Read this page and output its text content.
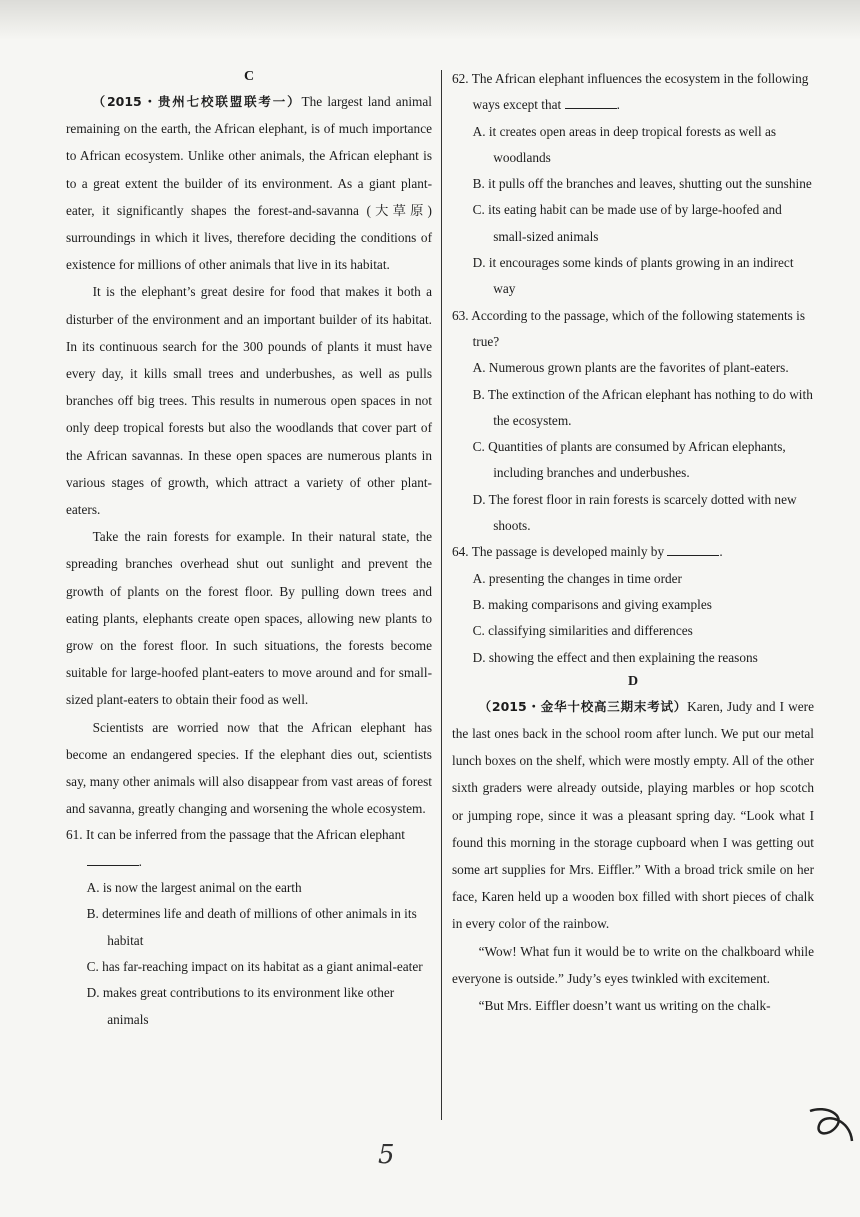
C

（2015・贵州七校联盟联考一）The largest land animal remaining on the earth, the African elephant, is of much importance to African ecosystem. Unlike other animals, the African elephant is to a great extent the builder of its environment. As a giant plant-eater, it significantly shapes the forest-and-savanna (大草原) surroundings in which it lives, therefore deciding the conditions of existence for millions of other animals that live in its habitat.

It is the elephant’s great desire for food that makes it both a disturber of the environment and an important builder of its habitat. In its continuous search for the 300 pounds of plants it must have every day, it kills small trees and underbushes, as well as pulls branches off big trees. This results in numerous open spaces in not only deep tropical forests but also the woodlands that cover part of the African savannas. In these open spaces are numerous plants in various stages of growth, which attract a variety of other plant-eaters.

Take the rain forests for example. In their natural state, the spreading branches overhead shut out sunlight and prevent the growth of plants on the forest floor. By pulling down trees and eating plants, elephants create open spaces, allowing new plants to grow on the forest floor. In such situations, the forests become suitable for large-hoofed plant-eaters to move around and for small-sized plant-eaters to obtain their food as well.

Scientists are worried now that the African elephant has become an endangered species. If the elephant dies out, scientists say, many other animals will also disappear from vast areas of forest and savanna, greatly changing and worsening the whole ecosystem.

61. It can be inferred from the passage that the African elephant .
A. is now the largest animal on the earth
B. determines life and death of millions of other animals in its habitat
C. has far-reaching impact on its habitat as a giant animal-eater
D. makes great contributions to its environment like other animals
62. The African elephant influences the ecosystem in the following ways except that	.
A. it creates open areas in deep tropical forests as well as woodlands
B. it pulls off the branches and leaves, shutting out the sunshine
C. its eating habit can be made use of by large-hoofed and small-sized animals
D. it encourages some kinds of plants growing in an indirect way
63. According to the passage, which of the following statements is true?
A. Numerous grown plants are the favorites of plant-eaters.
B. The extinction of the African elephant has nothing to do with the ecosystem.
C. Quantities of plants are consumed by African elephants, including branches and underbushes.
D. The forest floor in rain forests is scarcely dotted with new shoots.
64. The passage is developed mainly by	.
A. presenting the changes in time order
B. making comparisons and giving examples
C. classifying similarities and differences
D. showing the effect and then explaining the reasons
D

（2015・金华十校高三期末考试）Karen, Judy and I were the last ones back in the school room after lunch. We put our metal lunch boxes on the shelf, which were mostly empty. All of the other sixth graders were already outside, playing marbles or hop scotch or jumping rope, since it was a pleasant spring day. “Look what I found this morning in the storage cupboard when I was getting out some art supplies for Mrs. Eiffler.” With a broad trick smile on her face, Karen held up a wooden box filled with short pieces of chalk in every color of the rainbow.

“Wow! What fun it would be to write on the chalkboard while everyone is outside.” Judy’s eyes twinkled with excitement.

“But Mrs. Eiffler doesn’t want us writing on the chalk-

5
